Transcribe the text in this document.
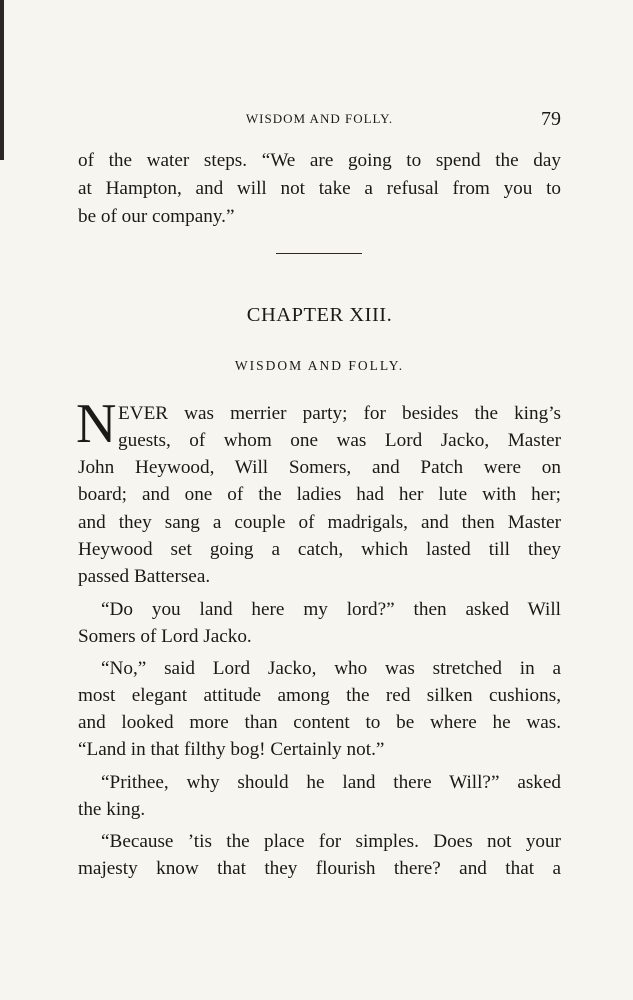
WISDOM AND FOLLY.	79
of the water steps. “We are going to spend the day
at Hampton, and will not take a refusal from you to
be of our company.”
CHAPTER XIII.
WISDOM AND FOLLY.
N EVER was merrier party; for besides the king’s
guests, of whom one was Lord Jacko, Master
John Heywood, Will Somers, and Patch were on
board; and one of the ladies had her lute with her;
and they sang a couple of madrigals, and then Master
Heywood set going a catch, which lasted till they
passed Battersea.
“Do you land here my lord?” then asked Will
Somers of Lord Jacko.
“No,” said Lord Jacko, who was stretched in a
most elegant attitude among the red silken cushions,
and looked more than content to be where he was.
“Land in that filthy bog! Certainly not.”
“Prithee, why should he land there Will?” asked
the king.
“Because ’tis the place for simples. Does not your
majesty know that they flourish there? and that a
